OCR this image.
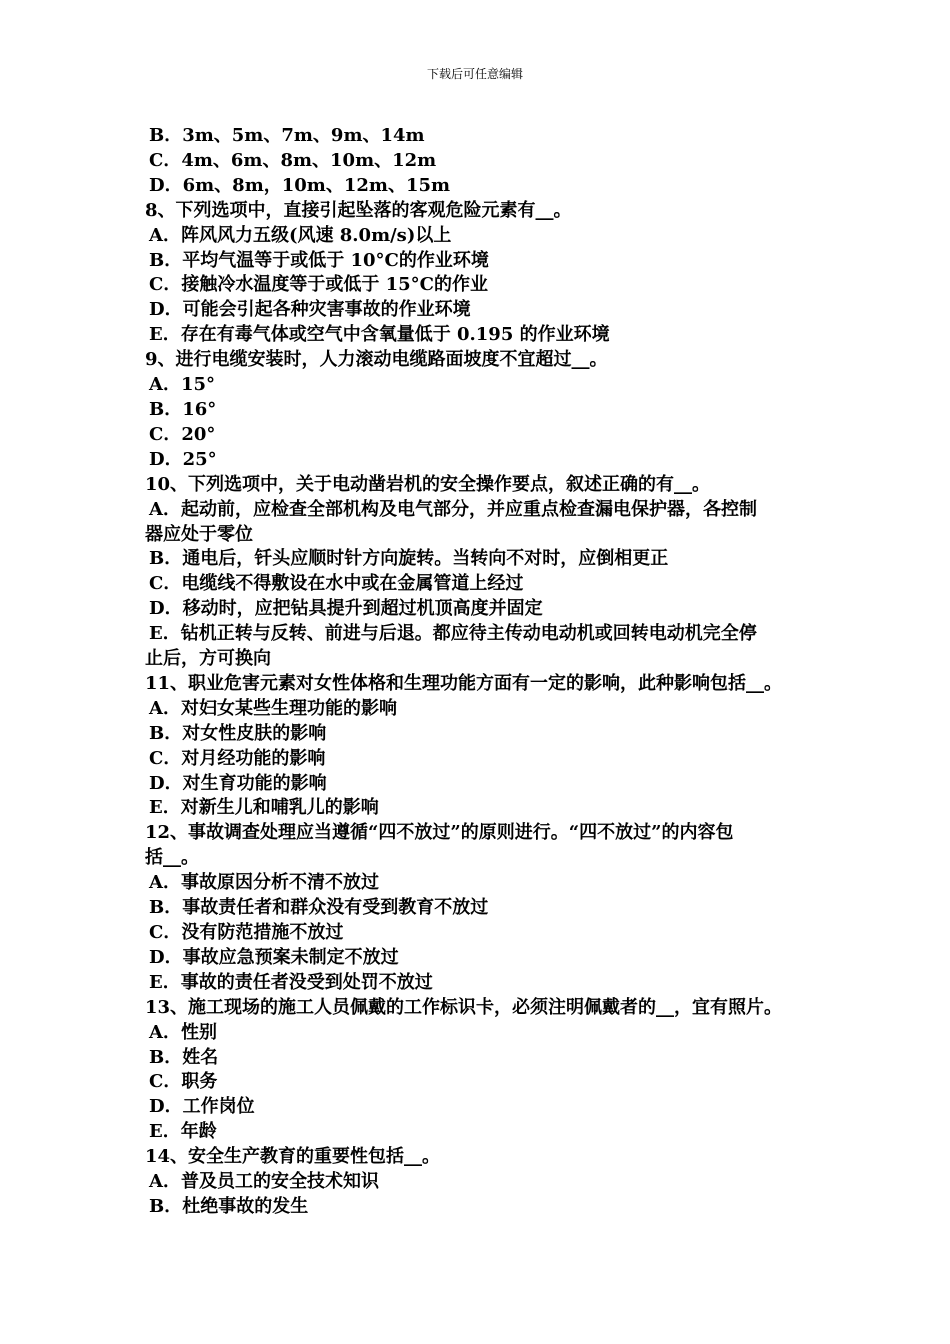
下载后可任意编辑
B．3m、5m、7m、9m、14m
C．4m、6m、8m、10m、12m
D．6m、8m，10m、12m、15m
8、下列选项中，直接引起坠落的客观危险元素有__。
A．阵风风力五级(风速 8.0m/s)以上
B．平均气温等于或低于 10°C的作业环境
C．接触冷水温度等于或低于 15°C的作业
D．可能会引起各种灾害事故的作业环境
E．存在有毒气体或空气中含氧量低于 0.195 的作业环境
9、进行电缆安装时，人力滚动电缆路面坡度不宜超过__。
A．15°
B．16°
C．20°
D．25°
10、下列选项中，关于电动凿岩机的安全操作要点，叙述正确的有__。
A．起动前，应检查全部机构及电气部分，并应重点检查漏电保护器，各控制
器应处于零位
B．通电后，钎头应顺时针方向旋转。当转向不对时，应倒相更正
C．电缆线不得敷设在水中或在金属管道上经过
D．移动时，应把钻具提升到超过机顶高度并固定
E．钻机正转与反转、前进与后退。都应待主传动电动机或回转电动机完全停
止后，方可换向
11、职业危害元素对女性体格和生理功能方面有一定的影响，此种影响包括__。
A．对妇女某些生理功能的影响
B．对女性皮肤的影响
C．对月经功能的影响
D．对生育功能的影响
E．对新生儿和哺乳儿的影响
12、事故调查处理应当遵循“四不放过”的原则进行。“四不放过”的内容包
括__。
A．事故原因分析不清不放过
B．事故责任者和群众没有受到教育不放过
C．没有防范措施不放过
D．事故应急预案未制定不放过
E．事故的责任者没受到处罚不放过
13、施工现场的施工人员佩戴的工作标识卡，必须注明佩戴者的__，宜有照片。
A．性别
B．姓名
C．职务
D．工作岗位
E．年龄
14、安全生产教育的重要性包括__。
A．普及员工的安全技术知识
B．杜绝事故的发生
